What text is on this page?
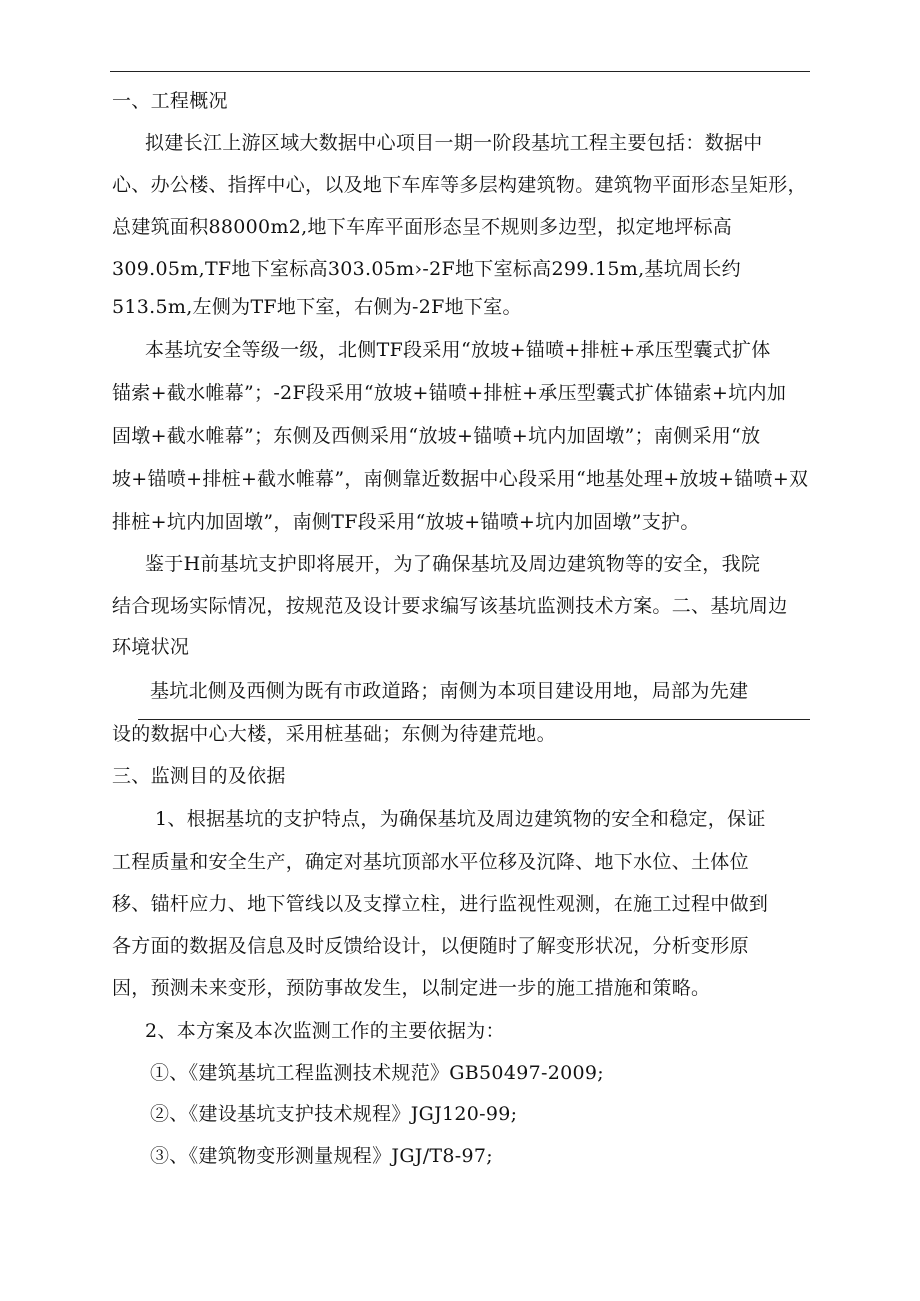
一、工程概况
拟建长江上游区域大数据中心项目一期一阶段基坑工程主要包括：数据中
心、办公楼、指挥中心，以及地下车库等多层构建筑物。建筑物平面形态呈矩形，
总建筑面积88000m2,地下车库平面形态呈不规则多边型，拟定地坪标高
309.05m,TF地下室标高303.05m›-2F地下室标高299.15m,基坑周长约
513.5m,左侧为TF地下室，右侧为-2F地下室。
本基坑安全等级一级，北侧TF段采用“放坡+锚喷+排桩+承压型囊式扩体
锚索+截水帷幕”；-2F段采用“放坡+锚喷+排桩+承压型囊式扩体锚索+坑内加
固墩+截水帷幕”；东侧及西侧采用“放坡+锚喷+坑内加固墩”；南侧采用“放
坡+锚喷+排桩+截水帷幕”，南侧靠近数据中心段采用“地基处理+放坡+锚喷+双
排桩+坑内加固墩”，南侧TF段采用“放坡+锚喷+坑内加固墩”支护。
鉴于H前基坑支护即将展开，为了确保基坑及周边建筑物等的安全，我院
结合现场实际情况，按规范及设计要求编写该基坑监测技术方案。二、基坑周边
环境状况
基坑北侧及西侧为既有市政道路；南侧为本项目建设用地，局部为先建
设的数据中心大楼，采用桩基础；东侧为待建荒地。
三、监测目的及依据
1、根据基坑的支护特点，为确保基坑及周边建筑物的安全和稳定，保证
工程质量和安全生产，确定对基坑顶部水平位移及沉降、地下水位、土体位
移、锚杆应力、地下管线以及支撑立柱，进行监视性观测，在施工过程中做到
各方面的数据及信息及时反馈给设计，以便随时了解变形状况，分析变形原
因，预测未来变形，预防事故发生，以制定进一步的施工措施和策略。
2、本方案及本次监测工作的主要依据为：
①、《建筑基坑工程监测技术规范》GB50497-2009;
②、《建设基坑支护技术规程》JGJ120-99;
③、《建筑物变形测量规程》JGJ/T8-97;
